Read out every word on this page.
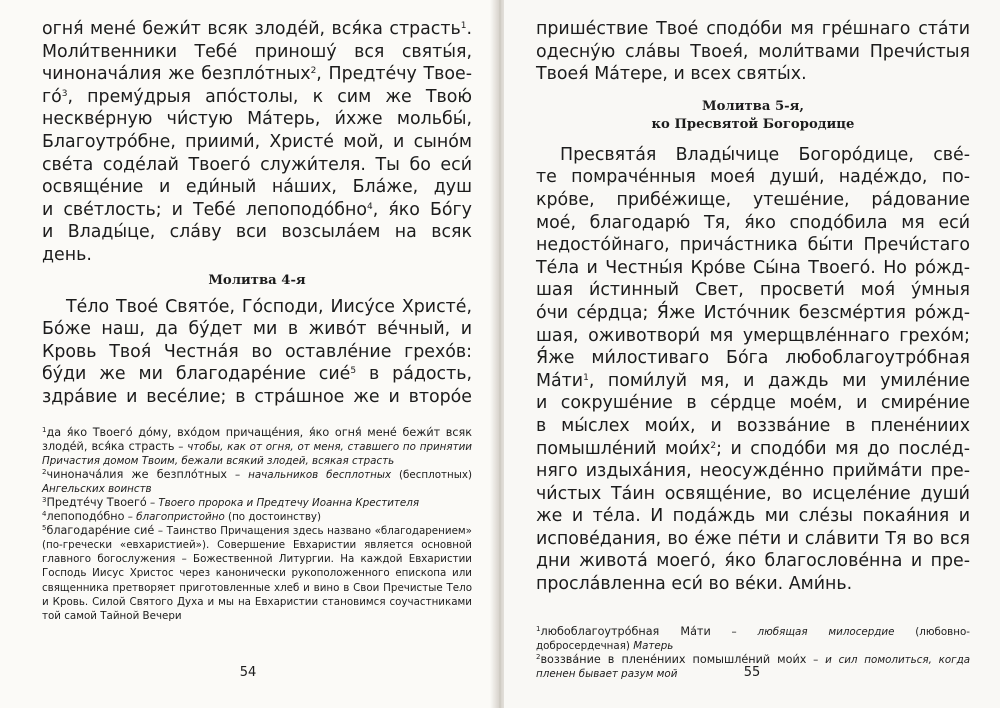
огня́ мене́ бежи́т всяк злоде́й, вся́ка страсть$^1$.
Моли́твенники Тебе́ приношу́ вся святы́я,
чинонача́лия же безпло́тных$^2$, Предте́чу Твое-
го́$^3$, прему́дрыя апо́столы, к сим же Твою́
нескве́рную чи́стую Ма́терь, и́хже мольбы́,
Благоутро́бне, приими́, Христе́ мой, и сыно́м
све́та соде́лай Твоего́ служи́теля. Ты бо еси́
освяще́ние и еди́ный на́ших, Бла́же, душ
и све́тлость; и Тебе́ лепоподо́бно$^4$, я́ко Бо́гу
и Влады́це, сла́ву вси возсыла́ем на всяк
день.
Молитва 4-я
Те́ло Твое́ Свято́е, Го́споди, Иису́се Христе́,
Бо́же наш, да бу́дет ми в живо́т ве́чный, и
Кровь Твоя́ Честна́я во оставле́ние грехо́в:
бу́ди же ми благодаре́ние сие́$^5$ в ра́дость,
здра́вие и весе́лие; в стра́шное же и второ́е

$^1$да я́ко Твоего́ до́му, вхо́дом причаще́ния, я́ко огня́ мене́ бежи́т всяк злоде́й, вся́ка страсть – чтобы, как от огня, от меня, ставшего по принятии Причастия домом Твоим, бежали всякий злодей, всякая страсть

$^2$чинонача́лия же безпло́тных – начальников бесплотных (бесплотных) Ангельских воинств

$^3$Предте́чу Твоего́ – Твоего пророка и Предтечу Иоанна Крестителя

$^4$лепоподо́бно – благопристойно (по достоинству)

$^5$благодаре́ние сие́ – Таинство Причащения здесь названо «благодарением» (по-гречески «евхаристией»). Совершение Евхаристии является основной главного богослужения – Божественной Литургии. На каждой Евхаристии Господь Иисус Христос через канонически рукоположенного епископа или священника претворяет приготовленные хлеб и вино в Свои Пречистые Тело и Кровь. Силой Святого Духа и мы на Евхаристии становимся соучастниками той самой Тайной Вечери

54
прише́ствие Твое́ сподо́би мя гре́шнаго ста́ти
одесну́ю сла́вы Твоея́, моли́твами Пречи́стыя
Твоея́ Ма́тере, и всех святы́х.
Молитва 5-я,
ко Пресвятой Богородице
Пресвята́я Влады́чице Богоро́дице, све́-
те помраче́нныя моея́ души́, наде́ждо, по-
кро́ве, прибе́жище, утеше́ние, ра́дование
мое́, благодарю́ Тя, я́ко сподо́била мя еси́
недосто́йнаго, прича́стника бы́ти Пречи́стаго
Те́ла и Честны́я Кро́ве Сы́на Твоего́. Но ро́жд-
шая и́стинный Свет, просвети́ моя́ у́мныя
о́чи се́рдца; Я́же Исто́чник безсме́ртия ро́жд-
шая, оживотвори́ мя умерщвле́ннаго грехо́м;
Я́же ми́лостиваго Бо́га любоблагоутро́бная
$Ма́ти^1$, поми́луй мя, и даждь ми умиле́ние
и сокруше́ние в се́рдце мое́м, и смире́ние
в мы́слех мои́х, и воззва́ние в плене́ниих
помышле́ний $мои́х^2$; и сподо́би мя до после́д-
няго издыха́ния, неосужде́нно прийма́ти пре-
чи́стых Та́ин освяще́ние, во исцеле́ние души́
же и те́ла. И пода́ждь ми сле́зы покая́ния и
испове́дания, во е́же пе́ти и сла́вити Тя во вся
дни живота́ моего́, я́ко благослове́нна и пре-
просла́вленна еси́ во ве́ки. Ами́нь.

$^1$любоблагоутро́бная Ма́ти – любящая милосердие (любовно-добросердечная) Матерь

$^2$воззва́ние в плене́ниих помышле́ний мои́х – и сил помолиться, когда пленен бывает разум мой	55
